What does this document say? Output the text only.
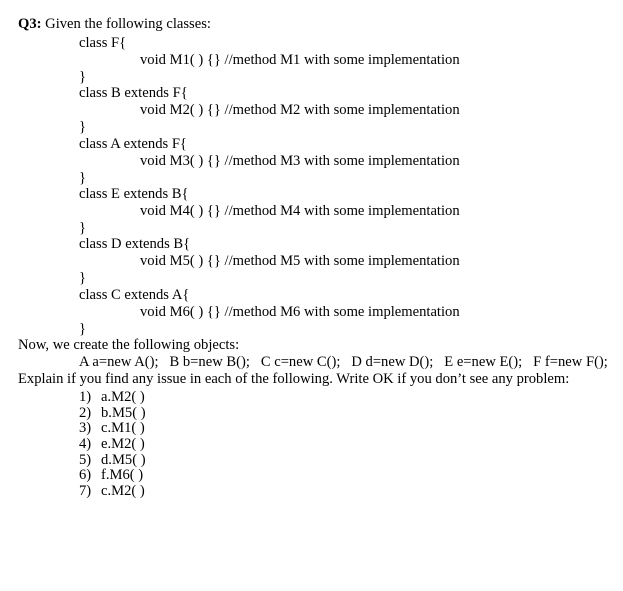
Q3: Given the following classes:
class F{
void M1( ) {} //method M1 with some implementation
}
class B extends F{
void M2( ) {} //method M2 with some implementation
}
class A extends F{
void M3( ) {} //method M3 with some implementation
}
class E extends B{
void M4( ) {} //method M4 with some implementation
}
class D extends B{
void M5( ) {} //method M5 with some implementation
}
class C extends A{
void M6( ) {} //method M6 with some implementation
}
Now, we create the following objects:
A a=new A();   B b=new B();   C c=new C();   D d=new D();   E e=new E();   F f=new F();
Explain if you find any issue in each of the following. Write OK if you don’t see any problem:
1) a.M2( )
2) b.M5( )
3) c.M1( )
4) e.M2( )
5) d.M5( )
6) f.M6( )
7) c.M2( )
